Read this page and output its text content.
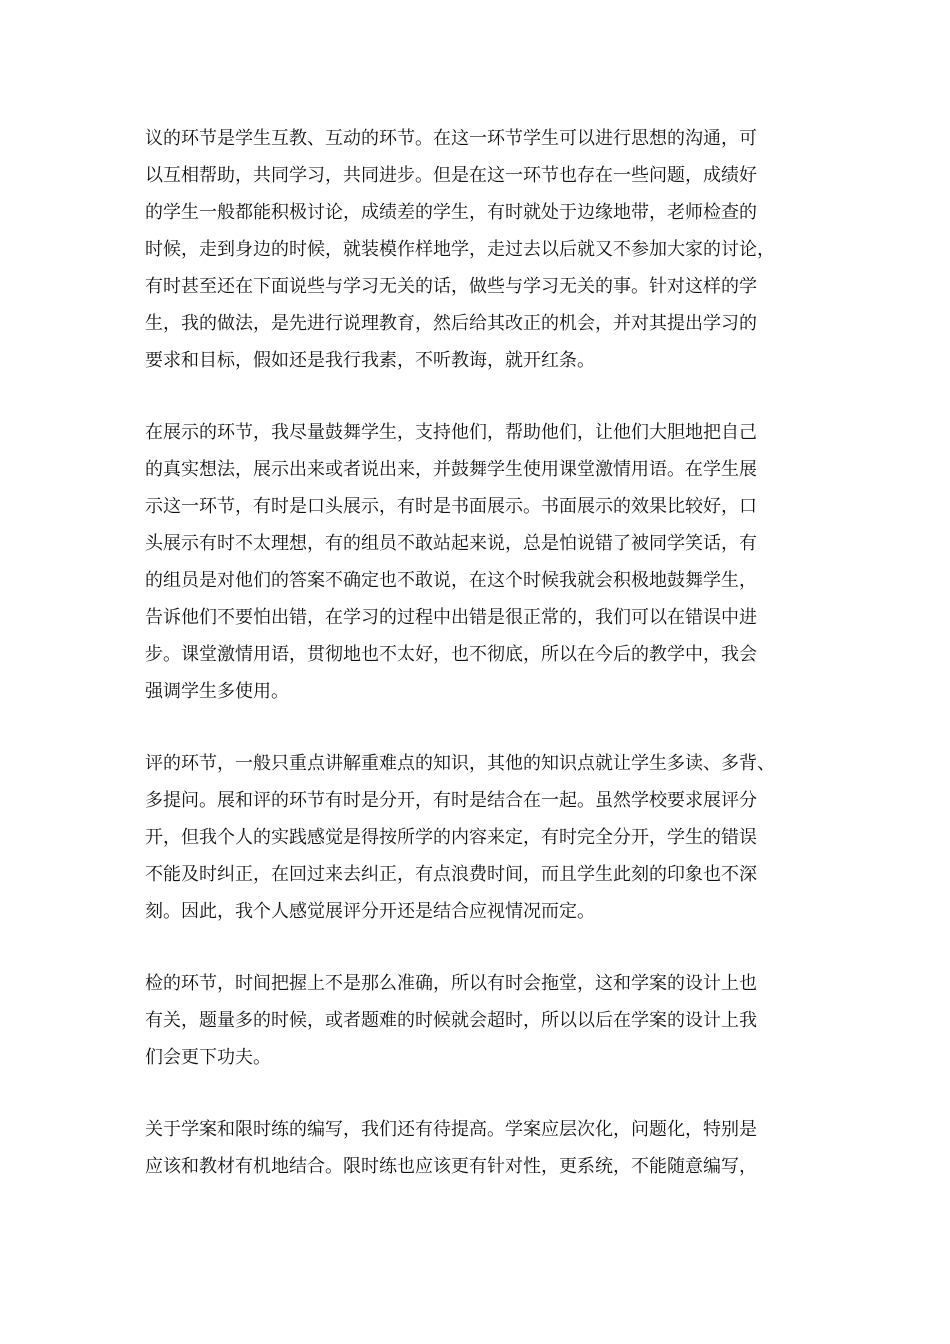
议的环节是学生互教、互动的环节。在这一环节学生可以进行思想的沟通，可
以互相帮助，共同学习，共同进步。但是在这一环节也存在一些问题，成绩好
的学生一般都能积极讨论，成绩差的学生，有时就处于边缘地带，老师检查的
时候，走到身边的时候，就装模作样地学，走过去以后就又不参加大家的讨论，
有时甚至还在下面说些与学习无关的话，做些与学习无关的事。针对这样的学
生，我的做法，是先进行说理教育，然后给其改正的机会，并对其提出学习的
要求和目标，假如还是我行我素，不听教诲，就开红条。
在展示的环节，我尽量鼓舞学生，支持他们，帮助他们，让他们大胆地把自己
的真实想法，展示出来或者说出来，并鼓舞学生使用课堂激情用语。在学生展
示这一环节，有时是口头展示，有时是书面展示。书面展示的效果比较好，口
头展示有时不太理想，有的组员不敢站起来说，总是怕说错了被同学笑话，有
的组员是对他们的答案不确定也不敢说，在这个时候我就会积极地鼓舞学生，
告诉他们不要怕出错，在学习的过程中出错是很正常的，我们可以在错误中进
步。课堂激情用语，贯彻地也不太好，也不彻底，所以在今后的教学中，我会
强调学生多使用。
评的环节，一般只重点讲解重难点的知识，其他的知识点就让学生多读、多背、
多提问。展和评的环节有时是分开，有时是结合在一起。虽然学校要求展评分
开，但我个人的实践感觉是得按所学的内容来定，有时完全分开，学生的错误
不能及时纠正，在回过来去纠正，有点浪费时间，而且学生此刻的印象也不深
刻。因此，我个人感觉展评分开还是结合应视情况而定。
检的环节，时间把握上不是那么准确，所以有时会拖堂，这和学案的设计上也
有关，题量多的时候，或者题难的时候就会超时，所以以后在学案的设计上我
们会更下功夫。
关于学案和限时练的编写，我们还有待提高。学案应层次化，问题化，特别是
应该和教材有机地结合。限时练也应该更有针对性，更系统，不能随意编写，
